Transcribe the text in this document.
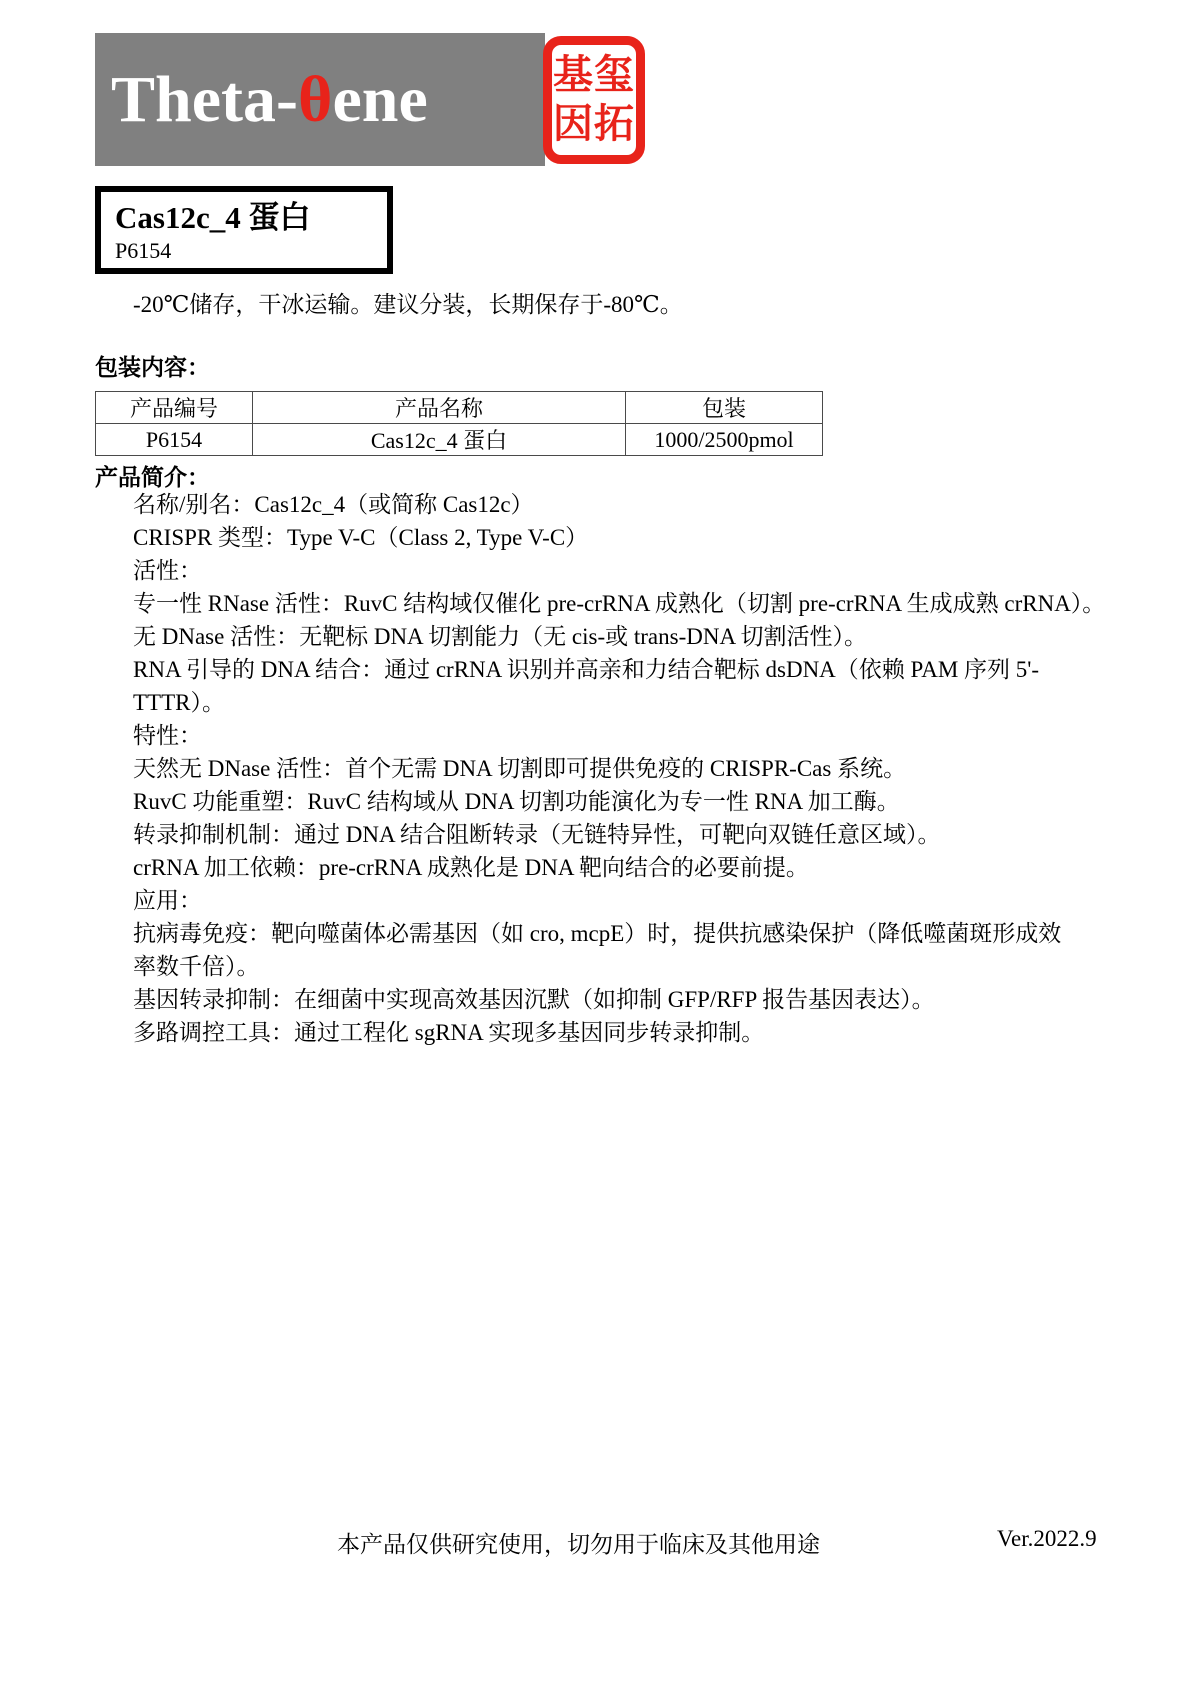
Theta-θene	基玺
因拓
Cas12c_4 蛋白
P6154
-20℃储存，干冰运输。建议分装，长期保存于-80℃。
包装内容：
产品编号	产品名称	包装
P6154	Cas12c_4 蛋白	1000/2500pmol
产品简介：
名称/别名：Cas12c_4（或简称 Cas12c）
CRISPR 类型：Type V-C（Class 2, Type V-C）
活性：
专一性 RNase 活性：RuvC 结构域仅催化 pre-crRNA 成熟化（切割 pre-crRNA 生成成熟 crRNA）。
无 DNase 活性：无靶标 DNA 切割能力（无 cis-或 trans-DNA 切割活性）。
RNA 引导的 DNA 结合：通过 crRNA 识别并高亲和力结合靶标 dsDNA（依赖 PAM 序列 5'-
TTTR）。
特性：
天然无 DNase 活性：首个无需 DNA 切割即可提供免疫的 CRISPR-Cas 系统。
RuvC 功能重塑：RuvC 结构域从 DNA 切割功能演化为专一性 RNA 加工酶。
转录抑制机制：通过 DNA 结合阻断转录（无链特异性，可靶向双链任意区域）。
crRNA 加工依赖：pre-crRNA 成熟化是 DNA 靶向结合的必要前提。
应用：
抗病毒免疫：靶向噬菌体必需基因（如 cro, mcpE）时，提供抗感染保护（降低噬菌斑形成效
率数千倍）。
基因转录抑制：在细菌中实现高效基因沉默（如抑制 GFP/RFP 报告基因表达）。
多路调控工具：通过工程化 sgRNA 实现多基因同步转录抑制。
本产品仅供研究使用，切勿用于临床及其他用途	Ver.2022.9
